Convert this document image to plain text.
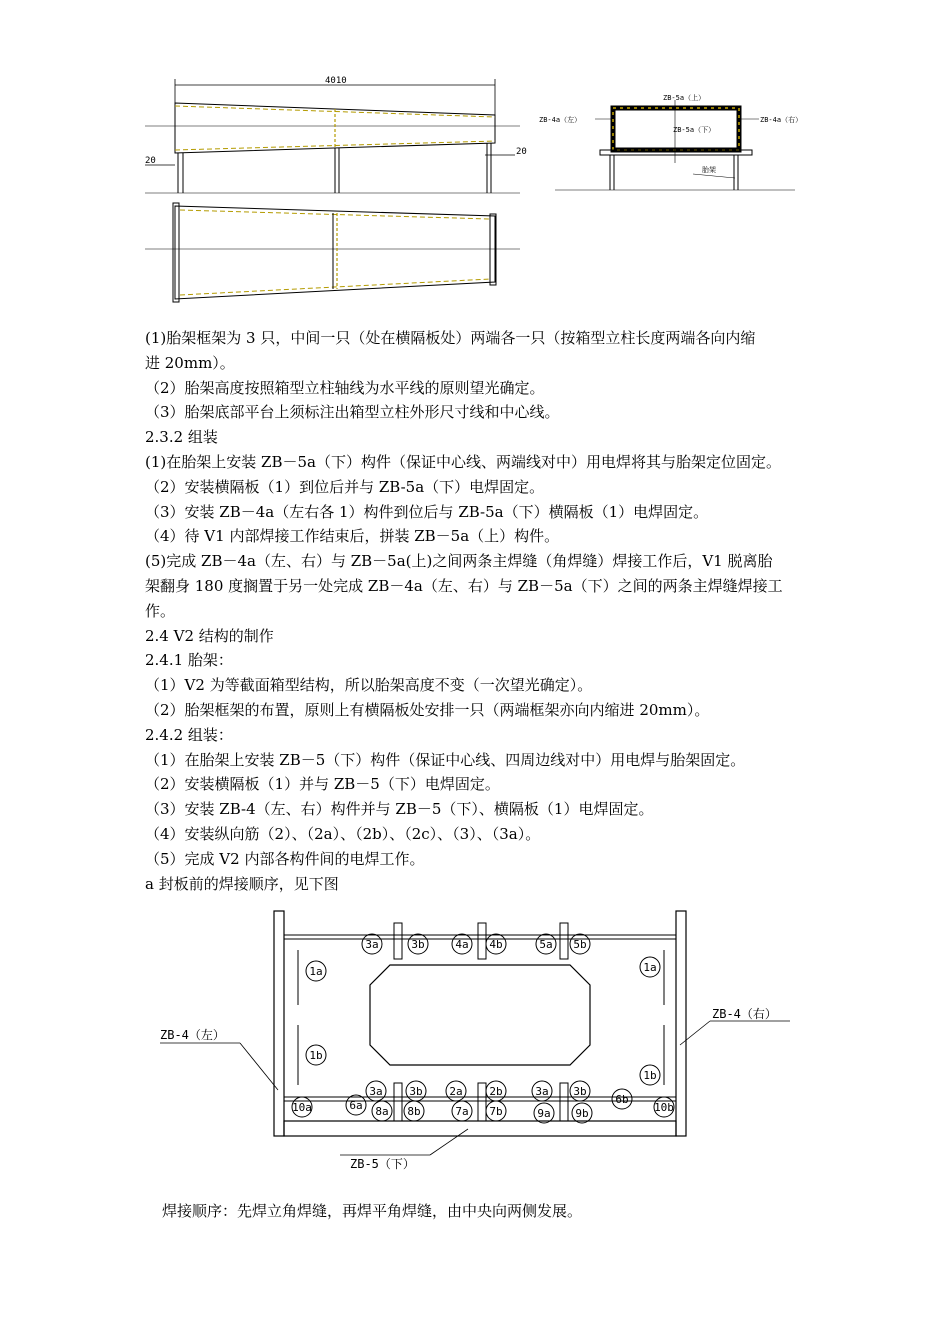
4010
20
20
ZB-5a（上）
ZB-4a（左）	ZB-4a（右）
ZB-5a（下）
胎架

(1)胎架框架为 3 只，中间一只（处在横隔板处）两端各一只（按箱型立柱长度两端各向内缩

进 20mm）。

（2）胎架高度按照箱型立柱轴线为水平线的原则望光确定。

（3）胎架底部平台上须标注出箱型立柱外形尺寸线和中心线。

2.3.2 组装

(1)在胎架上安装 ZB－5a（下）构件（保证中心线、两端线对中）用电焊将其与胎架定位固定。

（2）安装横隔板（1）到位后并与 ZB-5a（下）电焊固定。

（3）安装 ZB－4a（左右各 1）构件到位后与 ZB-5a（下）横隔板（1）电焊固定。

（4）待 V1 内部焊接工作结束后，拼装 ZB－5a（上）构件。

(5)完成 ZB－4a（左、右）与 ZB－5a(上)之间两条主焊缝（角焊缝）焊接工作后，V1 脱离胎

架翻身 180 度搁置于另一处完成 ZB－4a（左、右）与 ZB－5a（下）之间的两条主焊缝焊接工

作。

2.4 V2 结构的制作

2.4.1 胎架：

（1）V2 为等截面箱型结构，所以胎架高度不变（一次望光确定）。

（2）胎架框架的布置，原则上有横隔板处安排一只（两端框架亦向内缩进 20mm）。

2.4.2 组装：

（1）在胎架上安装 ZB－5（下）构件（保证中心线、四周边线对中）用电焊与胎架固定。

（2）安装横隔板（1）并与 ZB－5（下）电焊固定。

（3）安装 ZB-4（左、右）构件并与 ZB－5（下）、横隔板（1）电焊固定。

（4）安装纵向筋（2）、（2a）、（2b）、（2c）、（3）、（3a）。

（5）完成 V2 内部各构件间的电焊工作。

a 封板前的焊接顺序，见下图

ZB-4（左）
ZB-4（右）
ZB-5（下）
3a	3b	4a 4b	5a 5b
1a	1a
1b
1b
3a 3b 2a 2b	3a 3b
10a	6a 8a 8b	7a 7b	9a 9b
6b
10b
焊接顺序：先焊立角焊缝，再焊平角焊缝，由中央向两侧发展。
